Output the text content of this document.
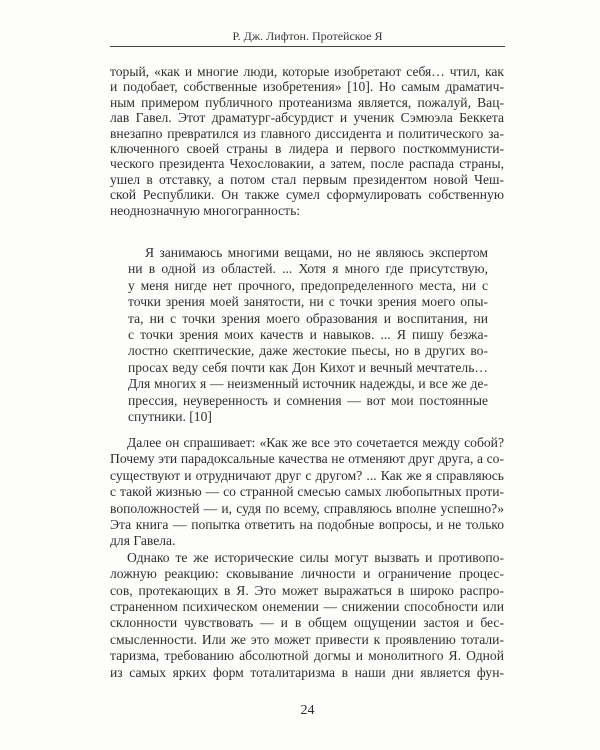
Р. Дж. Лифтон. Протейское Я
торый, «как и многие люди, которые изобретают себя… чтил, как
и подобает, собственные изобретения» [10]. Но самым драматич-
ным примером публичного протеанизма является, пожалуй, Вац-
лав Гавел. Этот драматург-абсурдист и ученик Сэмюэла Беккета
внезапно превратился из главного диссидента и политического за-
ключенного своей страны в лидера и первого посткоммунисти-
ческого президента Чехословакии, а затем, после распада страны,
ушел в отставку, а потом стал первым президентом новой Чеш-
ской Республики. Он также сумел сформулировать собственную
неоднозначную многогранность:
Я занимаюсь многими вещами, но не являюсь экспертом
ни в одной из областей. ... Хотя я много где присутствую,
у меня нигде нет прочного, предопределенного места, ни с
точки зрения моей занятости, ни с точки зрения моего опы-
та, ни с точки зрения моего образования и воспитания, ни
с точки зрения моих качеств и навыков. ... Я пишу безжа-
лостно скептические, даже жестокие пьесы, но в других во-
просах веду себя почти как Дон Кихот и вечный мечтатель…
Для многих я — неизменный источник надежды, и все же де-
прессия, неуверенность и сомнения — вот мои постоянные
спутники. [10]
Далее он спрашивает: «Как же все это сочетается между собой?
Почему эти парадоксальные качества не отменяют друг друга, а со-
существуют и отрудничают друг с другом? ... Как же я справляюсь
с такой жизнью — со странной смесью самых любопытных проти-
воположностей — и, судя по всему, справляюсь вполне успешно?»
Эта книга — попытка ответить на подобные вопросы, и не только
для Гавела.
Однако те же исторические силы могут вызвать и противопо-
ложную реакцию: сковывание личности и ограничение процес-
сов, протекающих в Я. Это может выражаться в широко распро-
страненном психическом онемении — снижении способности или
склонности чувствовать — и в общем ощущении застоя и бес-
смысленности. Или же это может привести к проявлению тотали-
таризма, требованию абсолютной догмы и монолитного Я. Одной
из самых ярких форм тоталитаризма в наши дни является фун-
24
